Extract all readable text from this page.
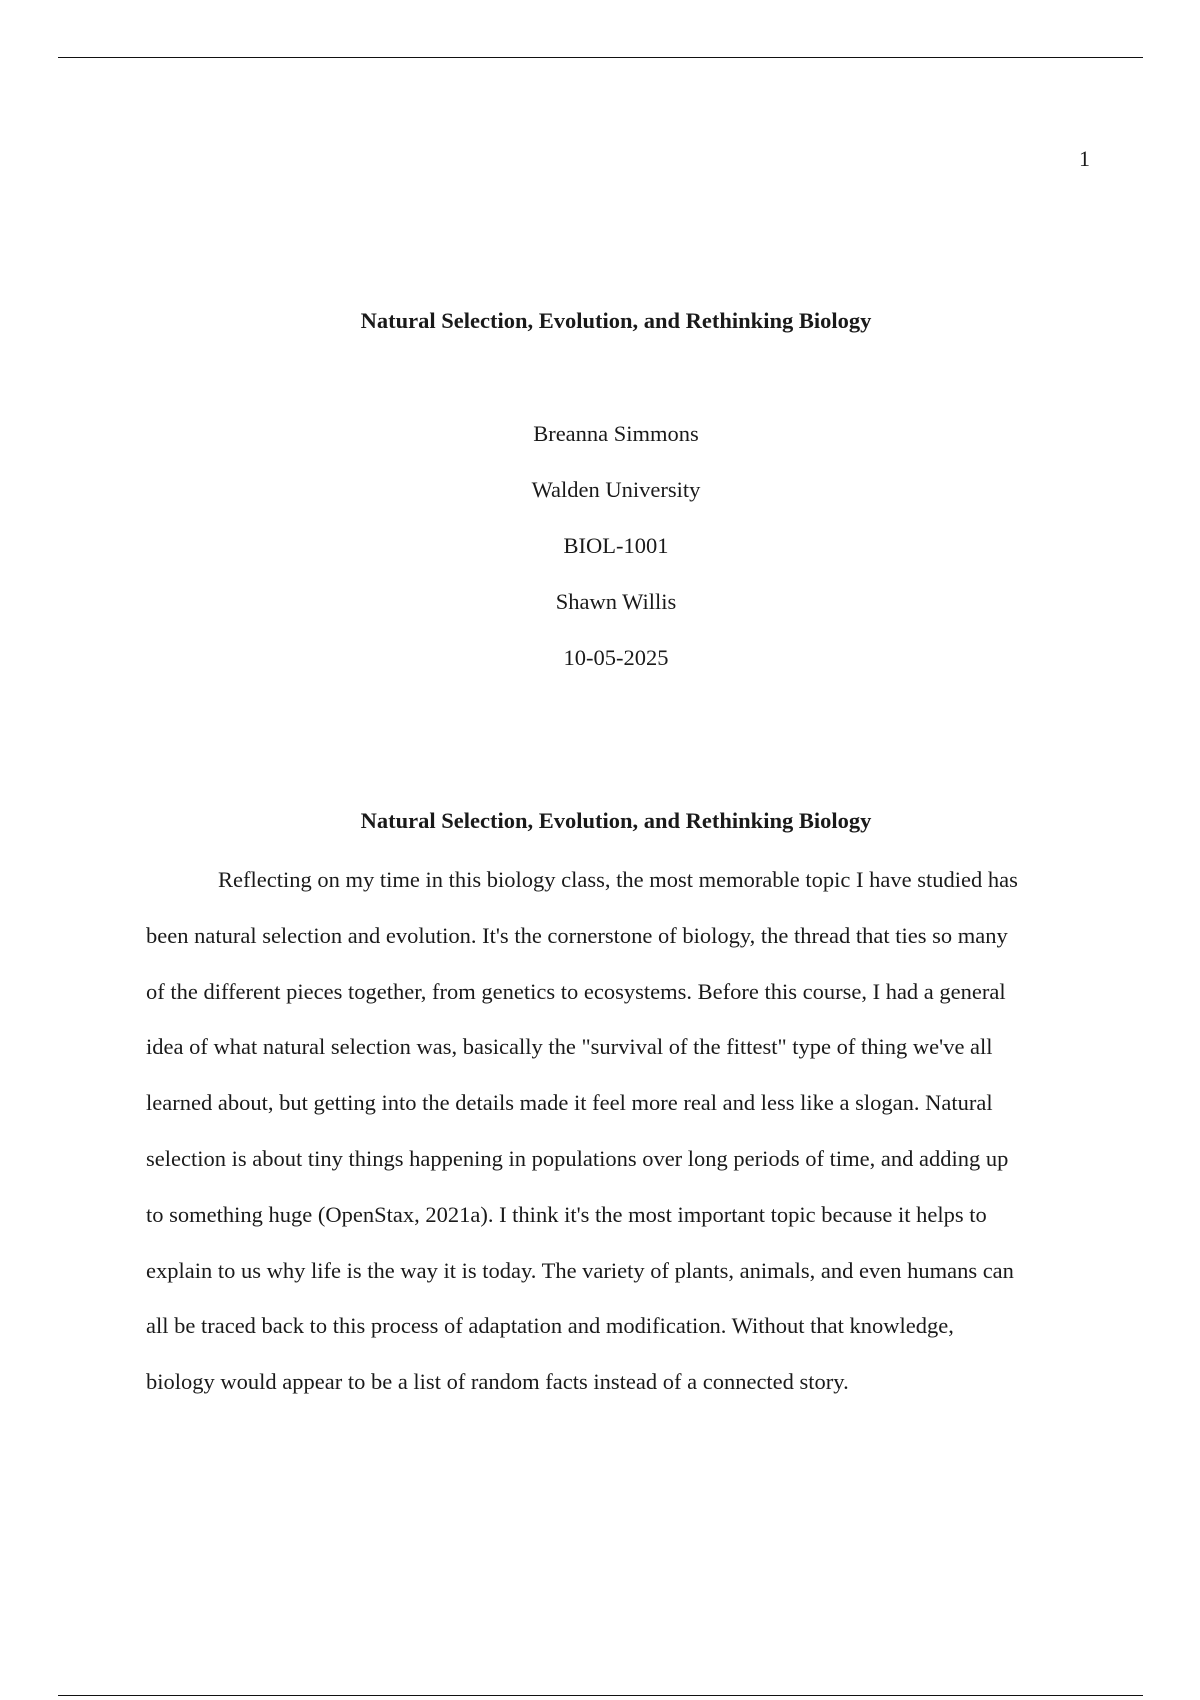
1
Natural Selection, Evolution, and Rethinking Biology
Breanna Simmons
Walden University
BIOL-1001
Shawn Willis
10-05-2025
Natural Selection, Evolution, and Rethinking Biology
Reflecting on my time in this biology class, the most memorable topic I have studied has
been natural selection and evolution. It's the cornerstone of biology, the thread that ties so many
of the different pieces together, from genetics to ecosystems. Before this course, I had a general
idea of what natural selection was, basically the "survival of the fittest" type of thing we've all
learned about, but getting into the details made it feel more real and less like a slogan. Natural
selection is about tiny things happening in populations over long periods of time, and adding up
to something huge (OpenStax, 2021a). I think it's the most important topic because it helps to
explain to us why life is the way it is today. The variety of plants, animals, and even humans can
all be traced back to this process of adaptation and modification. Without that knowledge,
biology would appear to be a list of random facts instead of a connected story.
